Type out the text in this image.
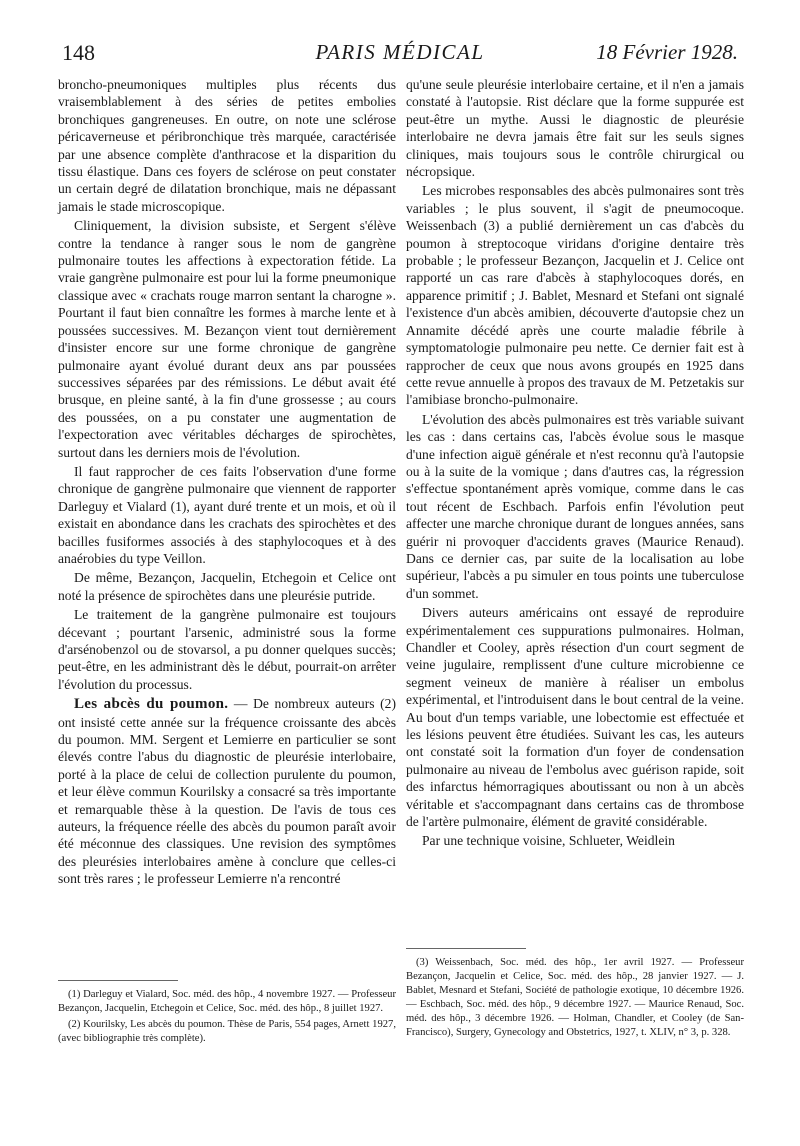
148	PARIS MÉDICAL	18 Février 1928.

broncho-pneumoniques multiples plus récents dus vraisemblablement à des séries de petites embolies bronchiques gangreneuses. En outre, on note une sclérose péricaverneuse et péribronchique très marquée, caractérisée par une absence complète d'anthracose et la disparition du tissu élastique. Dans ces foyers de sclérose on peut constater un certain degré de dilatation bronchique, mais ne dépassant jamais le stade microscopique.

Cliniquement, la division subsiste, et Sergent s'élève contre la tendance à ranger sous le nom de gangrène pulmonaire toutes les affections à expectoration fétide. La vraie gangrène pulmonaire est pour lui la forme pneumonique classique avec « crachats rouge marron sentant la charogne ». Pourtant il faut bien connaître les formes à marche lente et à poussées successives. M. Bezançon vient tout dernièrement d'insister encore sur une forme chronique de gangrène pulmonaire ayant évolué durant deux ans par poussées successives séparées par des rémissions. Le début avait été brusque, en pleine santé, à la fin d'une grossesse ; au cours des poussées, on a pu constater une augmentation de l'expectoration avec véritables décharges de spirochètes, surtout dans les derniers mois de l'évolution.

Il faut rapprocher de ces faits l'observation d'une forme chronique de gangrène pulmonaire que viennent de rapporter Darleguy et Vialard (1), ayant duré trente et un mois, et où il existait en abondance dans les crachats des spirochètes et des bacilles fusiformes associés à des staphylocoques et à des anaérobies du type Veillon.

De même, Bezançon, Jacquelin, Etchegoin et Celice ont noté la présence de spirochètes dans une pleurésie putride.

Le traitement de la gangrène pulmonaire est toujours décevant ; pourtant l'arsenic, administré sous la forme d'arsénobenzol ou de stovarsol, a pu donner quelques succès; peut-être, en les administrant dès le début, pourrait-on arrêter l'évolution du processus.

Les abcès du poumon. — De nombreux auteurs (2) ont insisté cette année sur la fréquence croissante des abcès du poumon. MM. Sergent et Lemierre en particulier se sont élevés contre l'abus du diagnostic de pleurésie interlobaire, porté à la place de celui de collection purulente du poumon, et leur élève commun Kourilsky a consacré sa très importante et remarquable thèse à la question. De l'avis de tous ces auteurs, la fréquence réelle des abcès du poumon paraît avoir été méconnue des classiques. Une revision des symptômes des pleurésies interlobaires amène à conclure que celles-ci sont très rares ; le professeur Lemierre n'a rencontré

qu'une seule pleurésie interlobaire certaine, et il n'en a jamais constaté à l'autopsie. Rist déclare que la forme suppurée est peut-être un mythe. Aussi le diagnostic de pleurésie interlobaire ne devra jamais être fait sur les seuls signes cliniques, mais toujours sous le contrôle chirurgical ou nécropsique.

Les microbes responsables des abcès pulmonaires sont très variables ; le plus souvent, il s'agit de pneumocoque. Weissenbach (3) a publié dernièrement un cas d'abcès du poumon à streptocoque viridans d'origine dentaire très probable ; le professeur Bezançon, Jacquelin et J. Celice ont rapporté un cas rare d'abcès à staphylocoques dorés, en apparence primitif ; J. Bablet, Mesnard et Stefani ont signalé l'existence d'un abcès amibien, découverte d'autopsie chez un Annamite décédé après une courte maladie fébrile à symptomatologie pulmonaire peu nette. Ce dernier fait est à rapprocher de ceux que nous avons groupés en 1925 dans cette revue annuelle à propos des travaux de M. Petzetakis sur l'amibiase broncho-pulmonaire.

L'évolution des abcès pulmonaires est très variable suivant les cas : dans certains cas, l'abcès évolue sous le masque d'une infection aiguë générale et n'est reconnu qu'à l'autopsie ou à la suite de la vomique ; dans d'autres cas, la régression s'effectue spontanément après vomique, comme dans le cas tout récent de Eschbach. Parfois enfin l'évolution peut affecter une marche chronique durant de longues années, sans guérir ni provoquer d'accidents graves (Maurice Renaud). Dans ce dernier cas, par suite de la localisation au lobe supérieur, l'abcès a pu simuler en tous points une tuberculose d'un sommet.

Divers auteurs américains ont essayé de reproduire expérimentalement ces suppurations pulmonaires. Holman, Chandler et Cooley, après résection d'un court segment de veine jugulaire, remplissent d'une culture microbienne ce segment veineux de manière à réaliser un embolus expérimental, et l'introduisent dans le bout central de la veine. Au bout d'un temps variable, une lobectomie est effectuée et les lésions peuvent être étudiées. Suivant les cas, les auteurs ont constaté soit la formation d'un foyer de condensation pulmonaire au niveau de l'embolus avec guérison rapide, soit des infarctus hémorragiques aboutissant ou non à un abcès véritable et s'accompagnant dans certains cas de thrombose de l'artère pulmonaire, élément de gravité considérable.

Par une technique voisine, Schlueter, Weidlein

(1) Darleguy et Vialard, Soc. méd. des hôp., 4 novembre 1927. — Professeur Bezançon, Jacquelin, Etchegoin et Celice, Soc. méd. des hôp., 8 juillet 1927.

(2) Kourilsky, Les abcès du poumon. Thèse de Paris, 554 pages, Arnett 1927, (avec bibliographie très complète).

(3) Weissenbach, Soc. méd. des hôp., 1er avril 1927. — Professeur Bezançon, Jacquelin et Celice, Soc. méd. des hôp., 28 janvier 1927. — J. Bablet, Mesnard et Stefani, Société de pathologie exotique, 10 décembre 1926. — Eschbach, Soc. méd. des hôp., 9 décembre 1927. — Maurice Renaud, Soc. méd. des hôp., 3 décembre 1926. — Holman, Chandler, et Cooley (de San-Francisco), Surgery, Gynecology and Obstetrics, 1927, t. XLIV, n° 3, p. 328.
